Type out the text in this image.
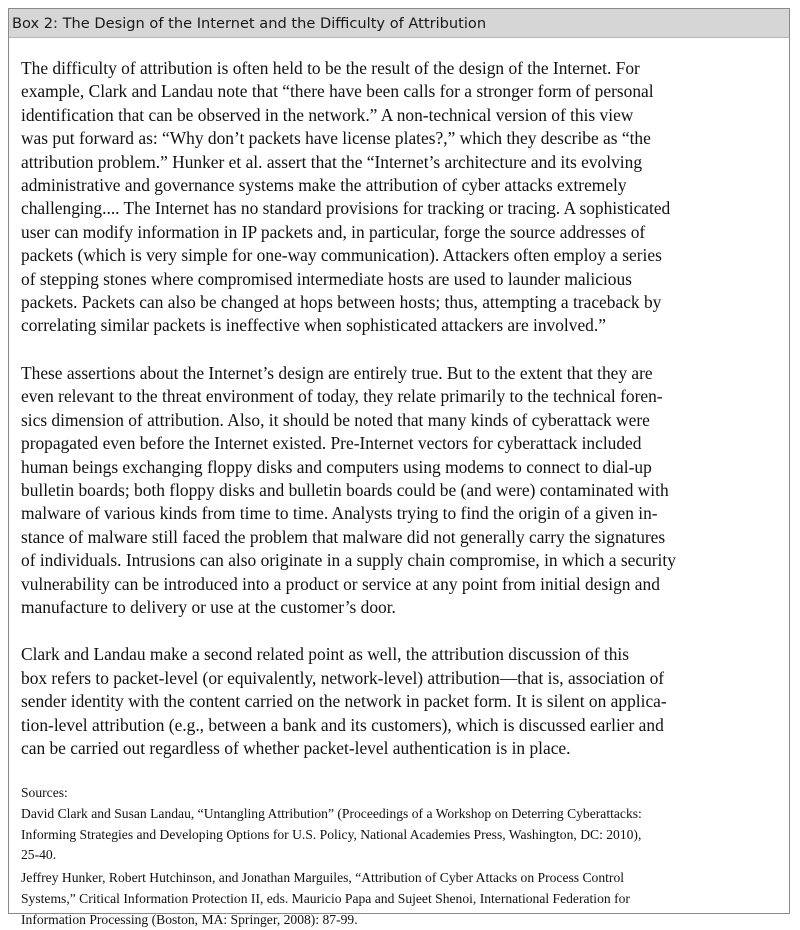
Box 2: The Design of the Internet and the Difficulty of Attribution

The difficulty of attribution is often held to be the result of the design of the Internet. For
example, Clark and Landau note that “there have been calls for a stronger form of personal
identification that can be observed in the network.” A non-technical version of this view
was put forward as: “Why don’t packets have license plates?,” which they describe as “the
attribution problem.” Hunker et al. assert that the “Internet’s architecture and its evolving
administrative and governance systems make the attribution of cyber attacks extremely
challenging.... The Internet has no standard provisions for tracking or tracing. A sophisticated
user can modify information in IP packets and, in particular, forge the source addresses of
packets (which is very simple for one-way communication). Attackers often employ a series
of stepping stones where compromised intermediate hosts are used to launder malicious
packets. Packets can also be changed at hops between hosts; thus, attempting a traceback by
correlating similar packets is ineffective when sophisticated attackers are involved.”

These assertions about the Internet’s design are entirely true. But to the extent that they are
even relevant to the threat environment of today, they relate primarily to the technical foren-
sics dimension of attribution. Also, it should be noted that many kinds of cyberattack were
propagated even before the Internet existed. Pre-Internet vectors for cyberattack included
human beings exchanging floppy disks and computers using modems to connect to dial-up
bulletin boards; both floppy disks and bulletin boards could be (and were) contaminated with
malware of various kinds from time to time. Analysts trying to find the origin of a given in-
stance of malware still faced the problem that malware did not generally carry the signatures
of individuals. Intrusions can also originate in a supply chain compromise, in which a security
vulnerability can be introduced into a product or service at any point from initial design and
manufacture to delivery or use at the customer’s door.

Clark and Landau make a second related point as well, the attribution discussion of this
box refers to packet-level (or equivalently, network-level) attribution—that is, association of
sender identity with the content carried on the network in packet form. It is silent on applica-
tion-level attribution (e.g., between a bank and its customers), which is discussed earlier and
can be carried out regardless of whether packet-level authentication is in place.

Sources:
David Clark and Susan Landau, “Untangling Attribution” (Proceedings of a Workshop on Deterring Cyberattacks:
Informing Strategies and Developing Options for U.S. Policy, National Academies Press, Washington, DC: 2010),
25-40.
Jeffrey Hunker, Robert Hutchinson, and Jonathan Marguiles, “Attribution of Cyber Attacks on Process Control
Systems,” Critical Information Protection II, eds. Mauricio Papa and Sujeet Shenoi, International Federation for
Information Processing (Boston, MA: Springer, 2008): 87-99.
